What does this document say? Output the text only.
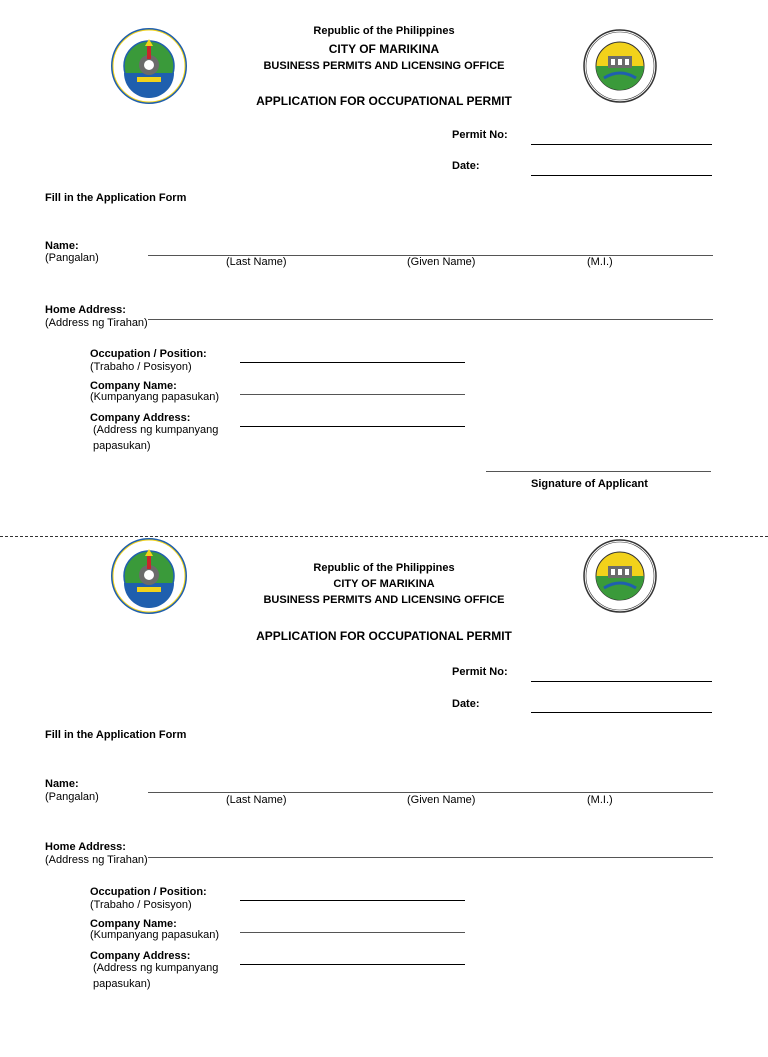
Republic of the Philippines
CITY OF MARIKINA
BUSINESS PERMITS AND LICENSING OFFICE
APPLICATION FOR OCCUPATIONAL PERMIT
Permit No:
Date:
Fill in the Application Form
Name:
(Pangalan)	(Last Name)	(Given Name)	(M.I.)
Home Address:
(Address ng Tirahan)
Occupation / Position:
(Trabaho / Posisyon)
Company Name:
(Kumpanyang papasukan)
Company Address:
(Address ng kumpanyang
papasukan)
Signature of Applicant
Republic of the Philippines
CITY OF MARIKINA
BUSINESS PERMITS AND LICENSING OFFICE
APPLICATION FOR OCCUPATIONAL PERMIT
Permit No:
Date:
Fill in the Application Form
Name:
(Pangalan)	(Last Name)	(Given Name)	(M.I.)
Home Address:
(Address ng Tirahan)
Occupation / Position:
(Trabaho / Posisyon)
Company Name:
(Kumpanyang papasukan)
Company Address:
(Address ng kumpanyang
papasukan)
